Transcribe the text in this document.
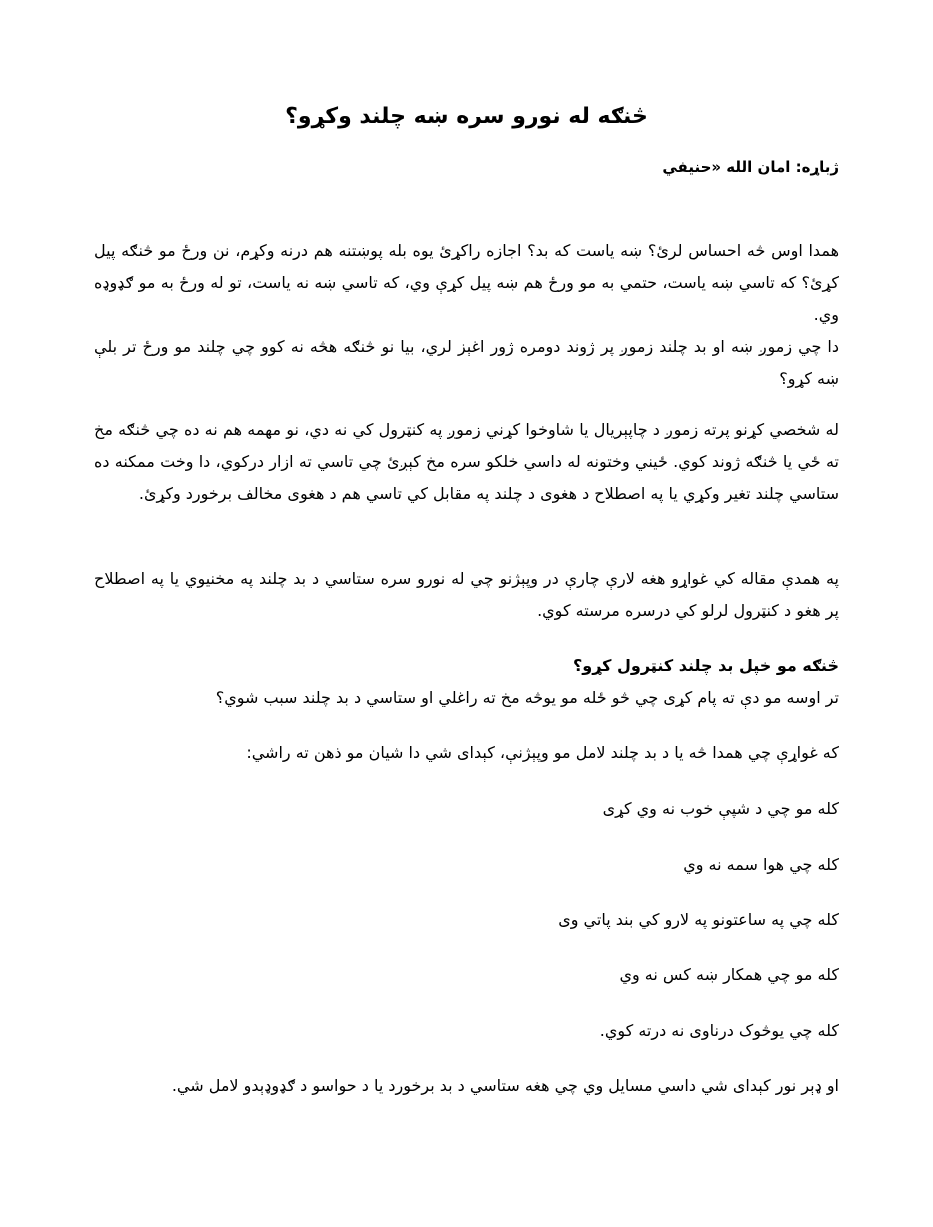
څنګه له نورو سره ښه چلند وکړو؟
ژباړه: امان الله «حنيفي

همدا اوس څه احساس لرئ؟ ښه یاست که بد؟ اجازه راکړئ یوه بله پوښتنه هم درنه وکړم، نن ورځ مو څنګه پیل کړئ؟ که تاسي ښه یاست، حتمي به مو ورځ هم ښه پیل کړې وي، که تاسي ښه نه یاست، تو له ورځ به مو ګډوډه وي.

دا چي زموږ ښه او بد چلند زموږ پر ژوند دومره ژور اغېز لري، بيا نو څنګه هڅه نه کوو چي چلند مو ورځ تر بلې ښه کړو؟

له شخصي کړنو پرته زموږ د چاپېريال يا شاوخوا کړني زموږ په کنټرول کي نه دي، نو مهمه هم نه ده چي څنګه مخ ته ځي يا څنګه ژوند کوي. ځيني وختونه له داسي خلکو سره مخ کېږئ چي تاسي ته ازار درکوي، دا وخت ممکنه ده ستاسي چلند تغير وکړي يا په اصطلاح د هغوی د چلند په مقابل کي تاسي هم د هغوی مخالف برخورد وکړئ.

په همدې مقاله کي غواړو هغه لارې چارې در وپېژنو چي له نورو سره ستاسي د بد چلند په مخنيوي يا په اصطلاح پر هغو د کنټرول لرلو کي درسره مرسته کوي.

څنګه مو خپل بد چلند کنټرول کړو؟

تر اوسه مو دې ته پام کړی چي څو ځله مو يوڅه مخ ته راغلي او ستاسي د بد چلند سبب شوي؟

که غواړې چي همدا څه يا د بد چلند لامل مو وپېژنې، کېدای شي دا شيان مو ذهن ته راشي:

کله مو چي د شپې خوب نه وي کړی

کله چي هوا سمه نه وي

کله چي په ساعتونو په لارو کي بند پاتي وی

کله مو چي همکار ښه کس نه وي

کله چي يوڅوک درناوی نه درته کوي.

او ډېر نور کېدای شي داسي مسايل وي چي هغه ستاسي د بد برخورد يا د حواسو د ګډوډېدو لامل شي.
